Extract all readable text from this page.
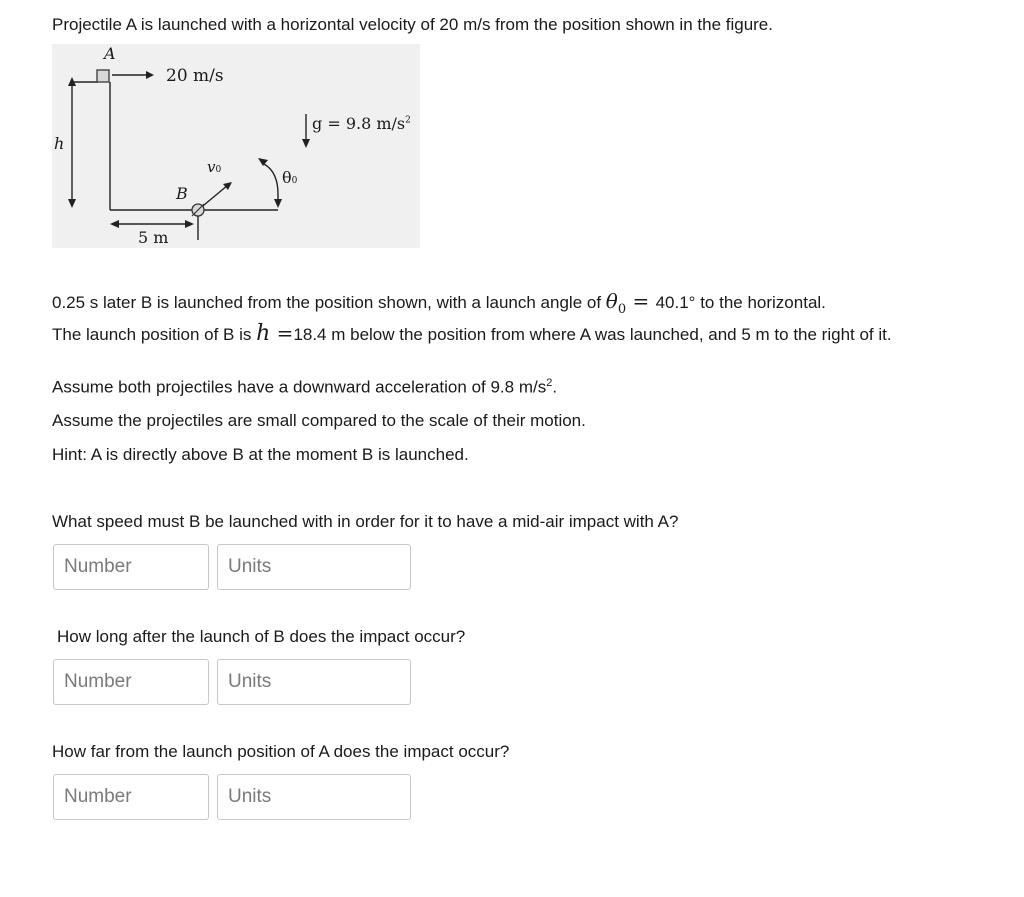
Projectile A is launched with a horizontal velocity of 20 m/s from the position shown in the figure.
A
h
20 m/s
B
v0	θ0
g = 9.8 $m/s^2$
5 m
0.25 s later B is launched from the position shown, with a launch angle of $\theta_0 = 40.1^\circ$ to the horizontal.
The launch position of B is h =18.4 m below the position from where A was launched, and 5 m to the right of it.
Assume both projectiles have a downward acceleration of 9.8 $m/s^2$.
Assume the projectiles are small compared to the scale of their motion.
Hint: A is directly above B at the moment B is launched.
What speed must B be launched with in order for it to have a mid-air impact with A?
Number
Units
How long after the launch of B does the impact occur?
Number
Units
How far from the launch position of A does the impact occur?
Number
Units
